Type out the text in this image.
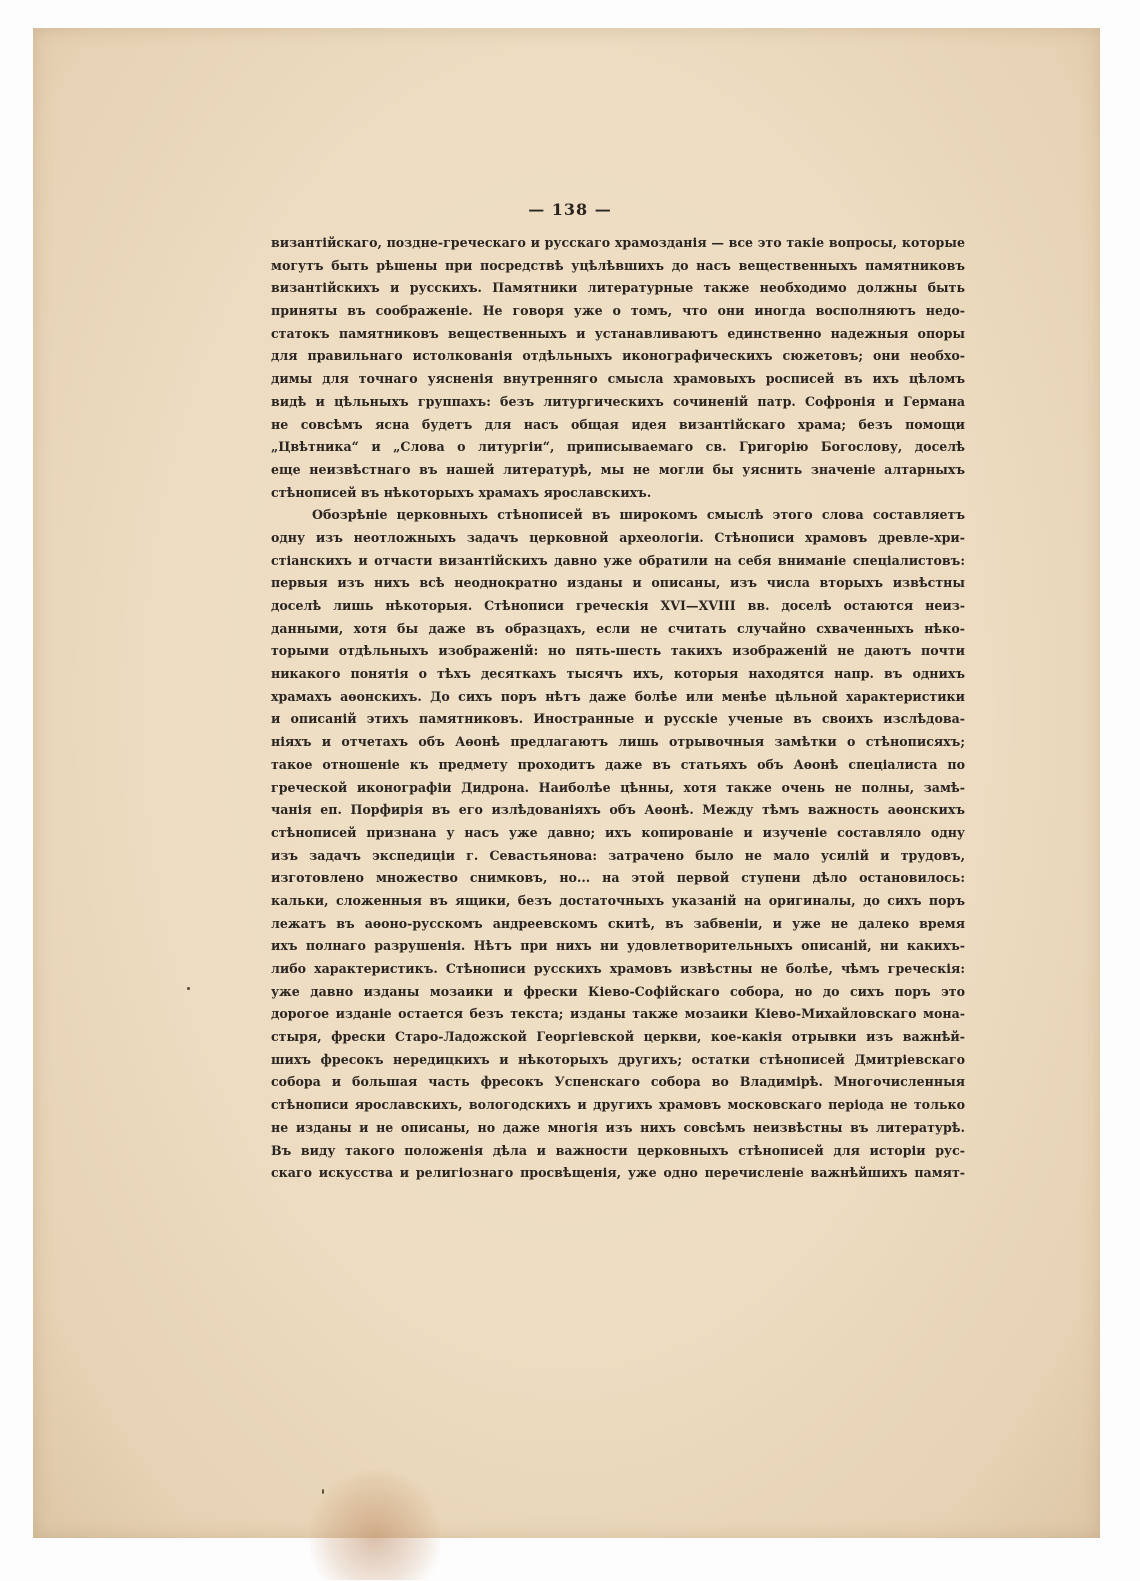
— 138 —
византійскаго, поздне-греческаго и русскаго храмозданія — все это такіе вопросы, которые
могутъ быть рѣшены при посредствѣ уцѣлѣвшихъ до насъ вещественныхъ памятниковъ
византійскихъ и русскихъ. Памятники литературные также необходимо должны быть
приняты въ соображеніе. Не говоря уже о томъ, что они иногда восполняютъ недо-
статокъ памятниковъ вещественныхъ и устанавливаютъ единственно надежныя опоры
для правильнаго истолкованія отдѣльныхъ иконографическихъ сюжетовъ; они необхо-
димы для точнаго уясненія внутренняго смысла храмовыхъ росписей въ ихъ цѣломъ
видѣ и цѣльныхъ группахъ: безъ литургическихъ сочиненій патр. Софронія и Германа
не совсѣмъ ясна будетъ для насъ общая идея византійскаго храма; безъ помощи
„Цвѣтника“ и „Слова о литургіи“, приписываемаго св. Григорію Богослову, доселѣ
еще неизвѣстнаго въ нашей литературѣ, мы не могли бы уяснить значеніе алтарныхъ
стѣнописей въ нѣкоторыхъ храмахъ ярославскихъ.
Обозрѣніе церковныхъ стѣнописей въ широкомъ смыслѣ этого слова составляетъ
одну изъ неотложныхъ задачъ церковной археологіи. Стѣнописи храмовъ древле-хри-
стіанскихъ и отчасти византійскихъ давно уже обратили на себя вниманіе спеціалистовъ:
первыя изъ нихъ всѣ неоднократно изданы и описаны, изъ числа вторыхъ извѣстны
доселѣ лишь нѣкоторыя. Стѣнописи греческія XVI—XVIII вв. доселѣ остаются неиз-
данными, хотя бы даже въ образцахъ, если не считать случайно схваченныхъ нѣко-
торыми отдѣльныхъ изображеній: но пять-шесть такихъ изображеній не даютъ почти
никакого понятія о тѣхъ десяткахъ тысячъ ихъ, которыя находятся напр. въ однихъ
храмахъ аѳонскихъ. До сихъ поръ нѣтъ даже болѣе или менѣе цѣльной характеристики
и описаній этихъ памятниковъ. Иностранные и русскіе ученые въ своихъ изслѣдова-
ніяхъ и отчетахъ объ Аѳонѣ предлагаютъ лишь отрывочныя замѣтки о стѣнописяхъ;
такое отношеніе къ предмету проходитъ даже въ статьяхъ объ Аѳонѣ спеціалиста по
греческой иконографіи Дидрона. Наиболѣе цѣнны, хотя также очень не полны, замѣ-
чанія еп. Порфирія въ его излѣдованіяхъ объ Аѳонѣ. Между тѣмъ важность аѳонскихъ
стѣнописей признана у насъ уже давно; ихъ копированіе и изученіе составляло одну
изъ задачъ экспедиціи г. Севастьянова: затрачено было не мало усилій и трудовъ,
изготовлено множество снимковъ, но... на этой первой ступени дѣло остановилось:
кальки, сложенныя въ ящики, безъ достаточныхъ указаній на оригиналы, до сихъ поръ
лежатъ въ аѳоно-русскомъ андреевскомъ скитѣ, въ забвеніи, и уже не далеко время
ихъ полнаго разрушенія. Нѣтъ при нихъ ни удовлетворительныхъ описаній, ни какихъ-
либо характеристикъ. Стѣнописи русскихъ храмовъ извѣстны не болѣе, чѣмъ греческія:
уже давно изданы мозаики и фрески Кіево-Софійскаго собора, но до сихъ поръ это
дорогое изданіе остается безъ текста; изданы также мозаики Кіево-Михайловскаго мона-
стыря, фрески Старо-Ладожской Георгіевской церкви, кое-какія отрывки изъ важнѣй-
шихъ фресокъ нередицкихъ и нѣкоторыхъ другихъ; остатки стѣнописей Дмитріевскаго
собора и большая часть фресокъ Успенскаго собора во Владимірѣ. Многочисленныя
стѣнописи ярославскихъ, вологодскихъ и другихъ храмовъ московскаго періода не только
не изданы и не описаны, но даже многія изъ нихъ совсѣмъ неизвѣстны въ литературѣ.
Въ виду такого положенія дѣла и важности церковныхъ стѣнописей для исторіи рус-
скаго искусства и религіознаго просвѣщенія, уже одно перечисленіе важнѣйшихъ памят-
